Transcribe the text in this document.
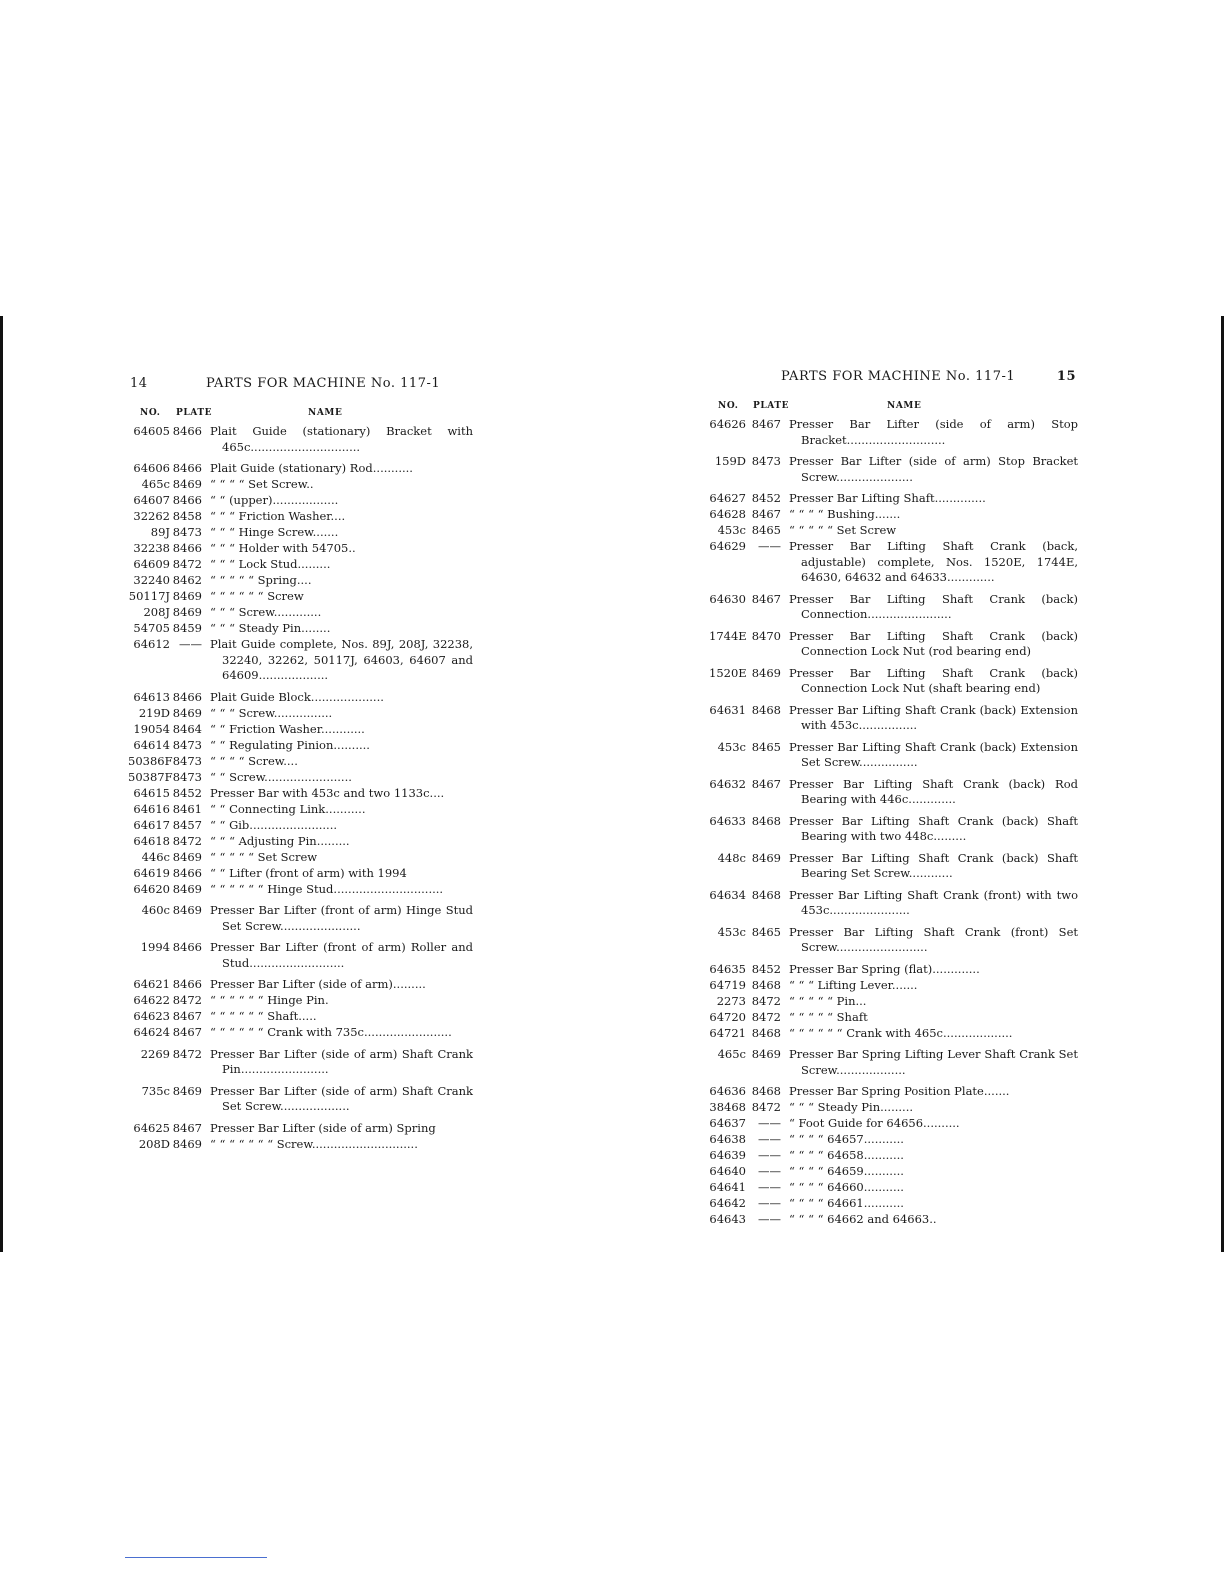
14	PARTS FOR MACHINE No. 117-1
NO. PLATE	NAME
64605 8466 Plait Guide (stationary) Bracket with 465c..............................
64606 8466 Plait Guide (stationary) Rod...........
465c 8469 “ “ “ “ Set Screw..
64607 8466 “ “ (upper)..................
32262 8458 “ “ “ Friction Washer....
89J 8473 “ “ “ Hinge Screw.......
32238 8466 “ “ “ Holder with 54705..
64609 8472 “ “ “ Lock Stud.........
32240 8462 “ “ “ “ “ Spring....
50117J 8469 “ “ “ “ “ “ Screw
208J 8469 “ “ “ Screw.............
54705 8459 “ “ “ Steady Pin........
64612 —— Plait Guide complete, Nos. 89J, 208J, 32238, 32240, 32262, 50117J, 64603, 64607 and 64609...................
64613 8466 Plait Guide Block....................
219D 8469 “ “ “ Screw................
19054 8464 “ “ Friction Washer............
64614 8473 “ “ Regulating Pinion..........
50386F 8473 “ “ “ “ Screw....
50387F 8473 “ “ Screw........................
64615 8452 Presser Bar with 453c and two 1133c....
64616 8461 “ “ Connecting Link...........
64617 8457 “ “ Gib........................
64618 8472 “ “ “ Adjusting Pin.........
446c 8469 “ “ “ “ “ Set Screw
64619 8466 “ “ Lifter (front of arm) with 1994
64620 8469 “ “ “ “ “ “ Hinge Stud..............................
460c 8469 Presser Bar Lifter (front of arm) Hinge Stud Set Screw......................
1994 8466 Presser Bar Lifter (front of arm) Roller and Stud..........................
64621 8466 Presser Bar Lifter (side of arm).........
64622 8472 “ “ “ “ “ “ Hinge Pin.
64623 8467 “ “ “ “ “ “ Shaft.....
64624 8467 “ “ “ “ “ “ Crank with 735c........................
2269 8472 Presser Bar Lifter (side of arm) Shaft Crank Pin........................
735c 8469 Presser Bar Lifter (side of arm) Shaft Crank Set Screw...................
64625 8467 Presser Bar Lifter (side of arm) Spring
208D 8469 “ “ “ “ “ “ “ Screw.............................
PARTS FOR MACHINE No. 117-1	15
NO. PLATE	NAME
64626 8467 Presser Bar Lifter (side of arm) Stop Bracket...........................
159D 8473 Presser Bar Lifter (side of arm) Stop Bracket Screw.....................
64627 8452 Presser Bar Lifting Shaft..............
64628 8467 “ “ “ “ Bushing.......
453c 8465 “ “ “ “ “ Set Screw
64629	—— Presser Bar Lifting Shaft Crank (back, adjustable) complete, Nos. 1520E, 1744E, 64630, 64632 and 64633.............
64630 8467 Presser Bar Lifting Shaft Crank (back) Connection.......................
1744E 8470 Presser Bar Lifting Shaft Crank (back) Connection Lock Nut (rod bearing end)
1520E 8469 Presser Bar Lifting Shaft Crank (back) Connection Lock Nut (shaft bearing end)
64631 8468 Presser Bar Lifting Shaft Crank (back) Extension with 453c................
453c 8465 Presser Bar Lifting Shaft Crank (back) Extension Set Screw................
64632 8467 Presser Bar Lifting Shaft Crank (back) Rod Bearing with 446c.............
64633 8468 Presser Bar Lifting Shaft Crank (back) Shaft Bearing with two 448c.........
448c 8469 Presser Bar Lifting Shaft Crank (back) Shaft Bearing Set Screw............
64634 8468 Presser Bar Lifting Shaft Crank (front) with two 453c......................
453c 8465 Presser Bar Lifting Shaft Crank (front) Set Screw.........................
64635 8452 Presser Bar Spring (flat).............
64719 8468 “ “ “ Lifting Lever.......
2273 8472 “ “ “ “ “ Pin...
64720 8472 “ “ “ “ “ Shaft
64721 8468 “ “ “ “ “ “ Crank with 465c...................
465c 8469 Presser Bar Spring Lifting Lever Shaft Crank Set Screw...................
64636 8468 Presser Bar Spring Position Plate.......
38468 8472 “ “ “ Steady Pin.........
64637	—— “ Foot Guide for 64656..........
64638	—— “ “ “ “ 64657...........
64639	—— “ “ “ “ 64658...........
64640	—— “ “ “ “ 64659...........
64641	—— “ “ “ “ 64660...........
64642	—— “ “ “ “ 64661...........
64643	—— “ “ “ “ 64662 and 64663..
